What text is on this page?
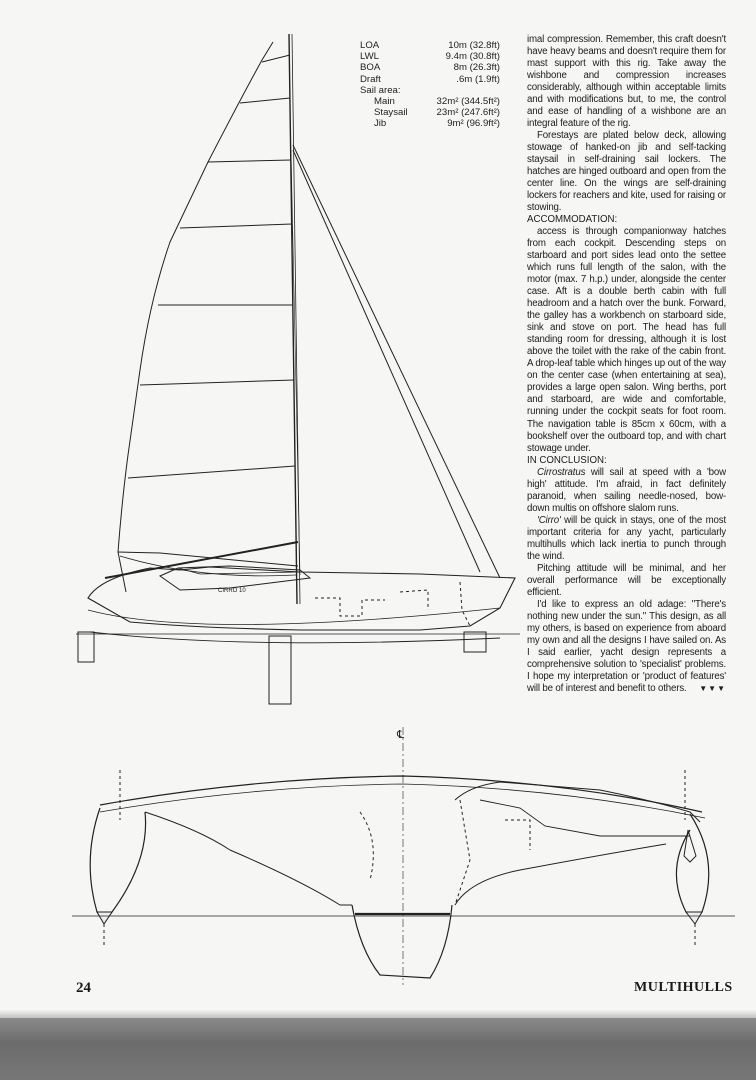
CIRRO 10
℄
LOA	10m (32.8ft)
LWL	9.4m (30.8ft)
BOA	8m (26.3ft)
Draft	.6m (1.9ft)
Sail area:
Main	32m² (344.5ft²)
Staysail	23m² (247.6ft²)
Jib	9m² (96.9ft²)

imal compression. Remember, this craft doesn't have heavy beams and doesn't require them for mast support with this rig. Take away the wishbone and compression increases considerably, although within acceptable limits and with modifications but, to me, the control and ease of handling of a wishbone are an integral feature of the rig.

Forestays are plated below deck, allowing stowage of hanked-on jib and self-tacking staysail in self-draining sail lockers. The hatches are hinged outboard and open from the center line. On the wings are self-draining lockers for reachers and kite, used for raising or stowing.

ACCOMMODATION:

access is through companionway hatches from each cockpit. Descending steps on starboard and port sides lead onto the settee which runs full length of the salon, with the motor (max. 7 h.p.) under, alongside the center case. Aft is a double berth cabin with full headroom and a hatch over the bunk. Forward, the galley has a workbench on starboard side, sink and stove on port. The head has full standing room for dressing, although it is lost above the toilet with the rake of the cabin front. A drop-leaf table which hinges up out of the way on the center case (when entertaining at sea), provides a large open salon. Wing berths, port and starboard, are wide and comfortable, running under the cockpit seats for foot room. The navigation table is 85cm x 60cm, with a bookshelf over the outboard top, and with chart stowage under.

IN CONCLUSION:

Cirrostratus will sail at speed with a 'bow high' attitude. I'm afraid, in fact definitely paranoid, when sailing needle-nosed, bow-down multis on offshore slalom runs.

'Cirro' will be quick in stays, one of the most important criteria for any yacht, particularly multihulls which lack inertia to punch through the wind.

Pitching attitude will be minimal, and her overall performance will be exceptionally efficient.

I'd like to express an old adage: "There's nothing new under the sun." This design, as all my others, is based on experience from aboard my own and all the designs I have sailed on. As I said earlier, yacht design represents a comprehensive solution to 'specialist' problems. I hope my interpretation or 'product of features' will be of interest and benefit to others.	▼▼▼

24	MULTIHULLS
